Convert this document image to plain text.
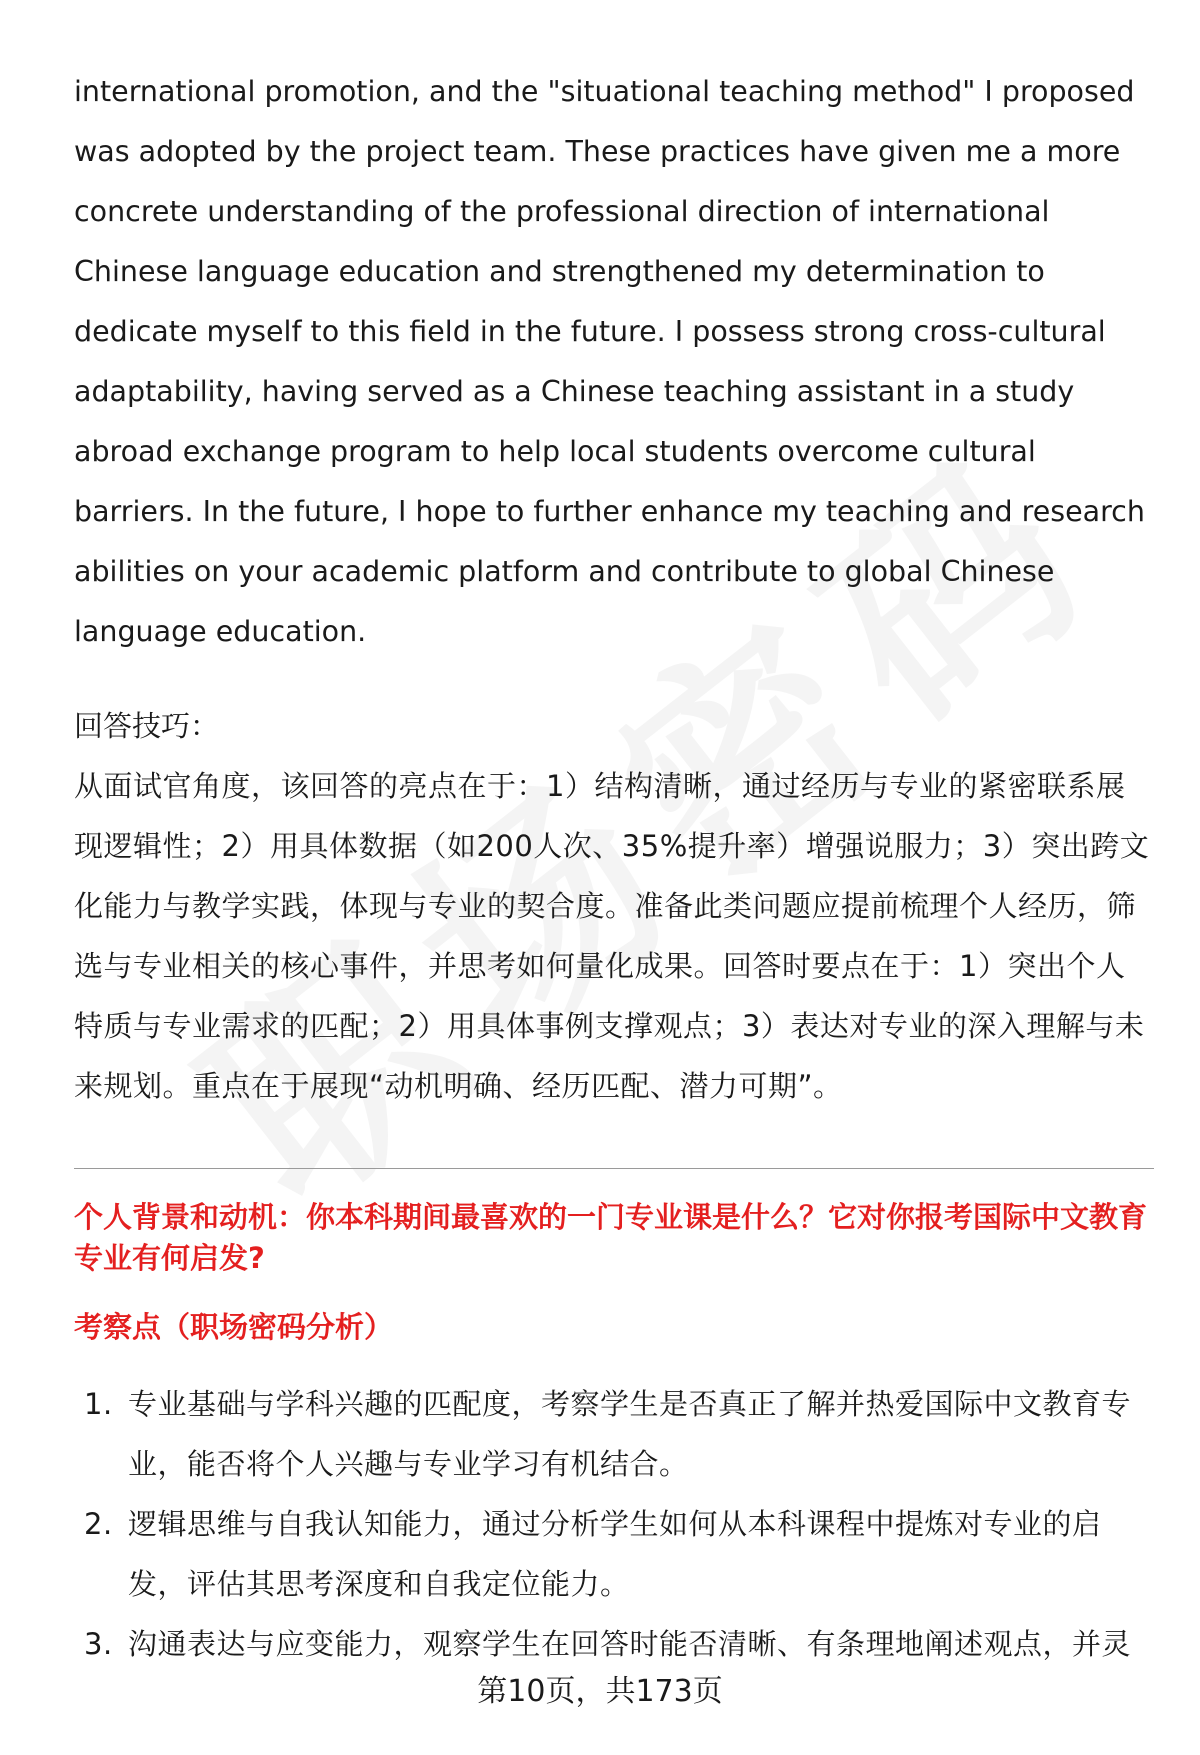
international promotion, and the "situational teaching method" I proposed was adopted by the project team. These practices have given me a more concrete understanding of the professional direction of international Chinese language education and strengthened my determination to dedicate myself to this field in the future. I possess strong cross-cultural adaptability, having served as a Chinese teaching assistant in a study abroad exchange program to help local students overcome cultural barriers. In the future, I hope to further enhance my teaching and research abilities on your academic platform and contribute to global Chinese language education.

回答技巧：

从面试官角度，该回答的亮点在于：1）结构清晰，通过经历与专业的紧密联系展现逻辑性；2）用具体数据（如200人次、35%提升率）增强说服力；3）突出跨文化能力与教学实践，体现与专业的契合度。准备此类问题应提前梳理个人经历，筛选与专业相关的核心事件，并思考如何量化成果。回答时要点在于：1）突出个人特质与专业需求的匹配；2）用具体事例支撑观点；3）表达对专业的深入理解与未来规划。重点在于展现“动机明确、经历匹配、潜力可期”。

个人背景和动机：你本科期间最喜欢的一门专业课是什么？它对你报考国际中文教育专业有何启发?

考察点（职场密码分析）

1. 专业基础与学科兴趣的匹配度，考察学生是否真正了解并热爱国际中文教育专业，能否将个人兴趣与专业学习有机结合。
2. 逻辑思维与自我认知能力，通过分析学生如何从本科课程中提炼对专业的启发，评估其思考深度和自我定位能力。
3. 沟通表达与应变能力，观察学生在回答时能否清晰、有条理地阐述观点，并灵
第10页，共173页
